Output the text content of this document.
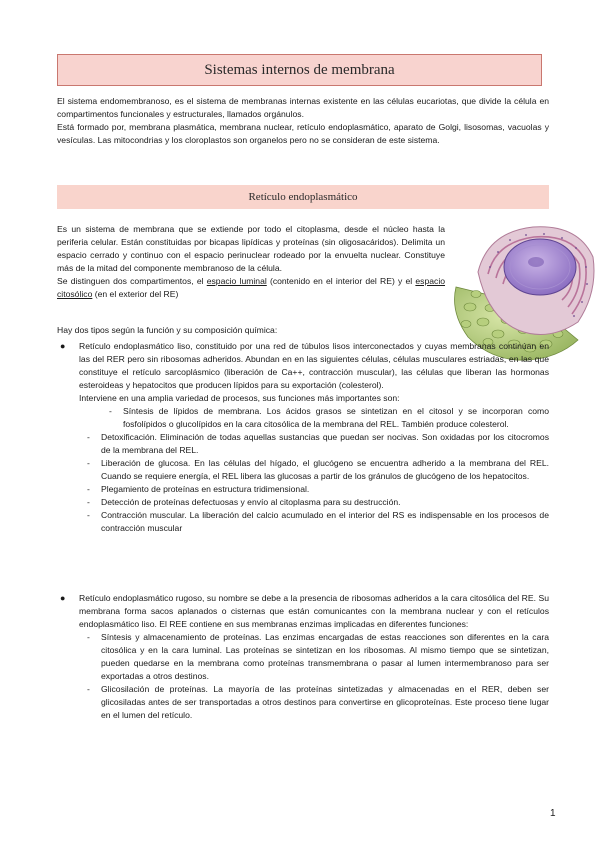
Sistemas internos de membrana

El sistema endomembranoso, es el sistema de membranas internas existente en las células eucariotas, que divide la célula en compartimentos funcionales y estructurales, llamados orgánulos.

Está formado por, membrana plasmática, membrana nuclear, retículo endoplasmático, aparato de Golgi, lisosomas, vacuolas y vesículas. Las mitocondrias y los cloroplastos son organelos pero no se consideran de este sistema.

Retículo endoplasmático

Es un sistema de membrana que se extiende por todo el citoplasma, desde el núcleo hasta la periferia celular. Están constituidas por bicapas lipídicas y proteínas (sin oligosacáridos). Delimita un espacio cerrado y continuo con el espacio perinuclear rodeado por la envuelta nuclear. Constituye más de la mitad del componente membranoso de la célula.

Se distinguen dos compartimentos, el espacio luminal (contenido en el interior del RE) y el espacio citosólico (en el exterior del RE)

Hay dos tipos según la función y su composición química:
● Retículo endoplasmático liso, constituido por una red de túbulos lisos interconectados y cuyas membranas continúan en las del RER pero sin ribosomas adheridos. Abundan en en las siguientes células, células musculares estriadas, en las que constituye el retículo sarcoplásmico (liberación de Ca++, contracción muscular), las células que liberan las hormonas esteroideas y hepatocitos que producen lípidos para su exportación (colesterol).

Interviene en una amplia variedad de procesos, sus funciones más importantes son:

- Síntesis de lípidos de membrana. Los ácidos grasos se sintetizan en el citosol y se incorporan como fosfolípidos o glucolípidos en la cara citosólica de la membrana del REL. También produce colesterol.
- Detoxificación. Eliminación de todas aquellas sustancias que puedan ser nocivas. Son oxidadas por los citocromos de la membrana del REL.
- Liberación de glucosa. En las células del hígado, el glucógeno se encuentra adherido a la membrana del REL. Cuando se requiere energía, el REL libera las glucosas a partir de los gránulos de glucógeno de los hepatocitos.
- Plegamiento de proteínas en estructura tridimensional.
- Detección de proteínas defectuosas y envío al citoplasma para su destrucción.
- Contracción muscular. La liberación del calcio acumulado en el interior del RS es indispensable en los procesos de contracción muscular
● Retículo endoplasmático rugoso, su nombre se debe a la presencia de ribosomas adheridos a la cara citosólica del RE. Su membrana forma sacos aplanados o cisternas que están comunicantes con la membrana nuclear y con el retículos endoplasmático liso. El REE contiene en sus membranas enzimas implicadas en diferentes funciones:

- Síntesis y almacenamiento de proteínas. Las enzimas encargadas de estas reacciones son diferentes en la cara citosólica y en la cara luminal. Las proteínas se sintetizan en los ribosomas. Al mismo tiempo que se sintetizan, pueden quedarse en la membrana como proteínas transmembrana o pasar al lumen intermembranoso para ser exportadas a otros destinos.
- Glicosilación de proteínas. La mayoría de las proteínas sintetizadas y almacenadas en el RER, deben ser glicosiladas antes de ser transportadas a otros destinos para convertirse en glicoproteínas. Este proceso tiene lugar en el lumen del retículo.
1
